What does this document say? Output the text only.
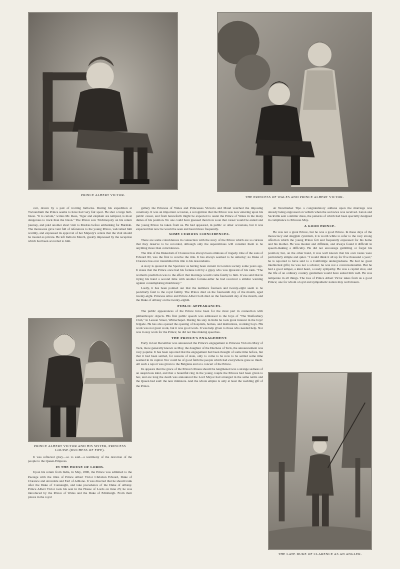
PRINCE ALBERT VICTOR.	THE PRINCESS OF WALES AND PRINCE ALBERT VICTOR.

cart, drawn by a pair of trotting bullocks. During his expedition at Trevandrum the Prince seems to have had very fair sport. He shot a large bull-bison. "It is certain," writes Mr. Rees, "tiger and elephant are tempted, is most dangerous to track than the bison." The Prince saw Trichinopoly on his return journey, and paid another short visit to Madras before embarking for Burmah. The monsoons gave vent full of references to the young Prince, welcomed him warmly, and expressed its approval of her Majesty's orders that the visit should be treated as private. He left India in March, greatly impressed by the reception which had been accorded to him.

gallery the Princess of Wales and Princesses Victoria and Maud watched the imposing ceremony. It was an important occasion, a recognition that the Prince was now entering upon his public career, and from henceforth might be expected to assist the Prince of Wales in the many duties of his position. No one could have guessed then how soon that career would be ended and the young Prince be taken from us. He had appeared, in public or other occasions, but it was expected that now he would be seen and heard more frequently.

SOME CURIOUS COINCIDENCES.

There are some coincidences in connection with the story of the Prince which are so curious that they deserve to be recorded, although only the superstitious will consider them to be anything more than coincidences.

The title of the Dukedom of Clarence has always been ominous of tragedy. One of the sons of Edward III, was the first to receive the title. It has always seemed to be unlucky; no Duke of Clarence has ever transmitted his title to his descendants.

A story is quoted in the Spectator as having been current in London society some years ago. It states that the Prince once had his fortune told by a gipsy who was ignorant of his rank. "The woman's prediction was to the effect that marriage would come fatally to him. It was said that in trying his hand a second time with another fortune-teller he had received a similar warning against contemplating matrimony."

Lastly, it has been pointed out that the numbers fourteen and twenty-eight seem to be peculiarly fatal to the royal family. The Prince died on the fourteenth day of the month, aged twenty-eight. Princess Alice and Prince Albert both died on the fourteenth day of the month, and the Duke of Albany on the twenty-eighth.

PUBLIC APPEARANCES.

The public appearances of the Prince have been for the most part in connection with philanthropic objects. His first public speech was addressed to the boys of "The Shaftesbury Club," in Lesson Street, Whitechapel. During his stay in India he took great interest in the boys' brigade. He has also opened the opening of hospitals, homes, and institutions, working boys. His work was not great work, but it was good work. It was help given to those who needed help. Nor was it easy work for the Prince; he did not like making speeches.

THE PRINCE'S ENGAGEMENT.

Early in last December was announced the Prince's engagement to Princess Victoria Mary of Teck, more generally known as May, the daughter of the Duchess of Teck, the announcement was very popular. It has been reported that the engagement had been thought of some time before, but that it had been settled, for reasons of state, only to come to be now to be settled some time seemed in its capital. Nor could he of good faith the people which had everywhere gone so much. All such a report was given to the Belgians and at a concert of the Prince.

Its appears that the grace of the Prince's illness should be lengthened was a strange sadness of an auspicious kind, and that a beautiful ring in the young couple the Princes had been given to her, and ere long the death was announced the Lord Mayor had arranged in the same terms and the Queen had said: the new ministers. And the whole empire is only at least the wedding gift of the Prince.

At Newmarket Tipo a congratulatory address upon the marriage was already being engrossed on vellum when the sad news was received. Luton and Sackville sent a similar dress, the patterns of which had been specially designed in compliance to Princess May.

A GOOD PRINCE.

He was not a great Prince, but he was a good Prince. In these days of the monocracy and sluggish cynicism, it is worth while to refer to the very strong affection which the young Prince felt and frequently expressed for his home and his mother. He was modest and diffident, and always found it difficult in speech-making a difficulty. He did not encourage gambling or forget his position; but, on the other hand, it was well known that his own tastes were particularly simple and quiet. "I would think it all up for five thousand a year," he is reported to have said to a Cambridge undergraduate. He had no great intellectual gifts; he was not a scholar; he was not a conversationalist. But he had a good temper, a kind heart, a ready sympathy. He was a capital shot, and the life of an ordinary country gentleman would have suited him well. He was temperate in all things. The loss of Prince Albert Victor takes from us a good Prince; one for whom a loyal and sympathetic nation may well mourn.

PRINCE ALBERT VICTOR AND HIS SISTER, PRINCESS LOUISE (DUCHESS OF FIFE).

It was reflected glory—so to said—a testimony of the devotion of the people to the Queen-Empress.

IN THE HOUSE OF LORDS.

Upon his return from India, in May, 1890, the Prince was admitted to the Peerage with the titles of Prince Albert Victor Christian Edward, Duke of Clarence and Avondale and Earl of Athlone. It was directed that he should rank after the Duke of Connaught, and take precedence of the Duke of Albany. Prince Albert Victor took his seat in the House of Lords on June 23; he was introduced by the Prince of Wales and the Duke of Edinburgh. From their places in the royal

THE LATE DUKE OF CLARENCE AS AN ANGLER.
